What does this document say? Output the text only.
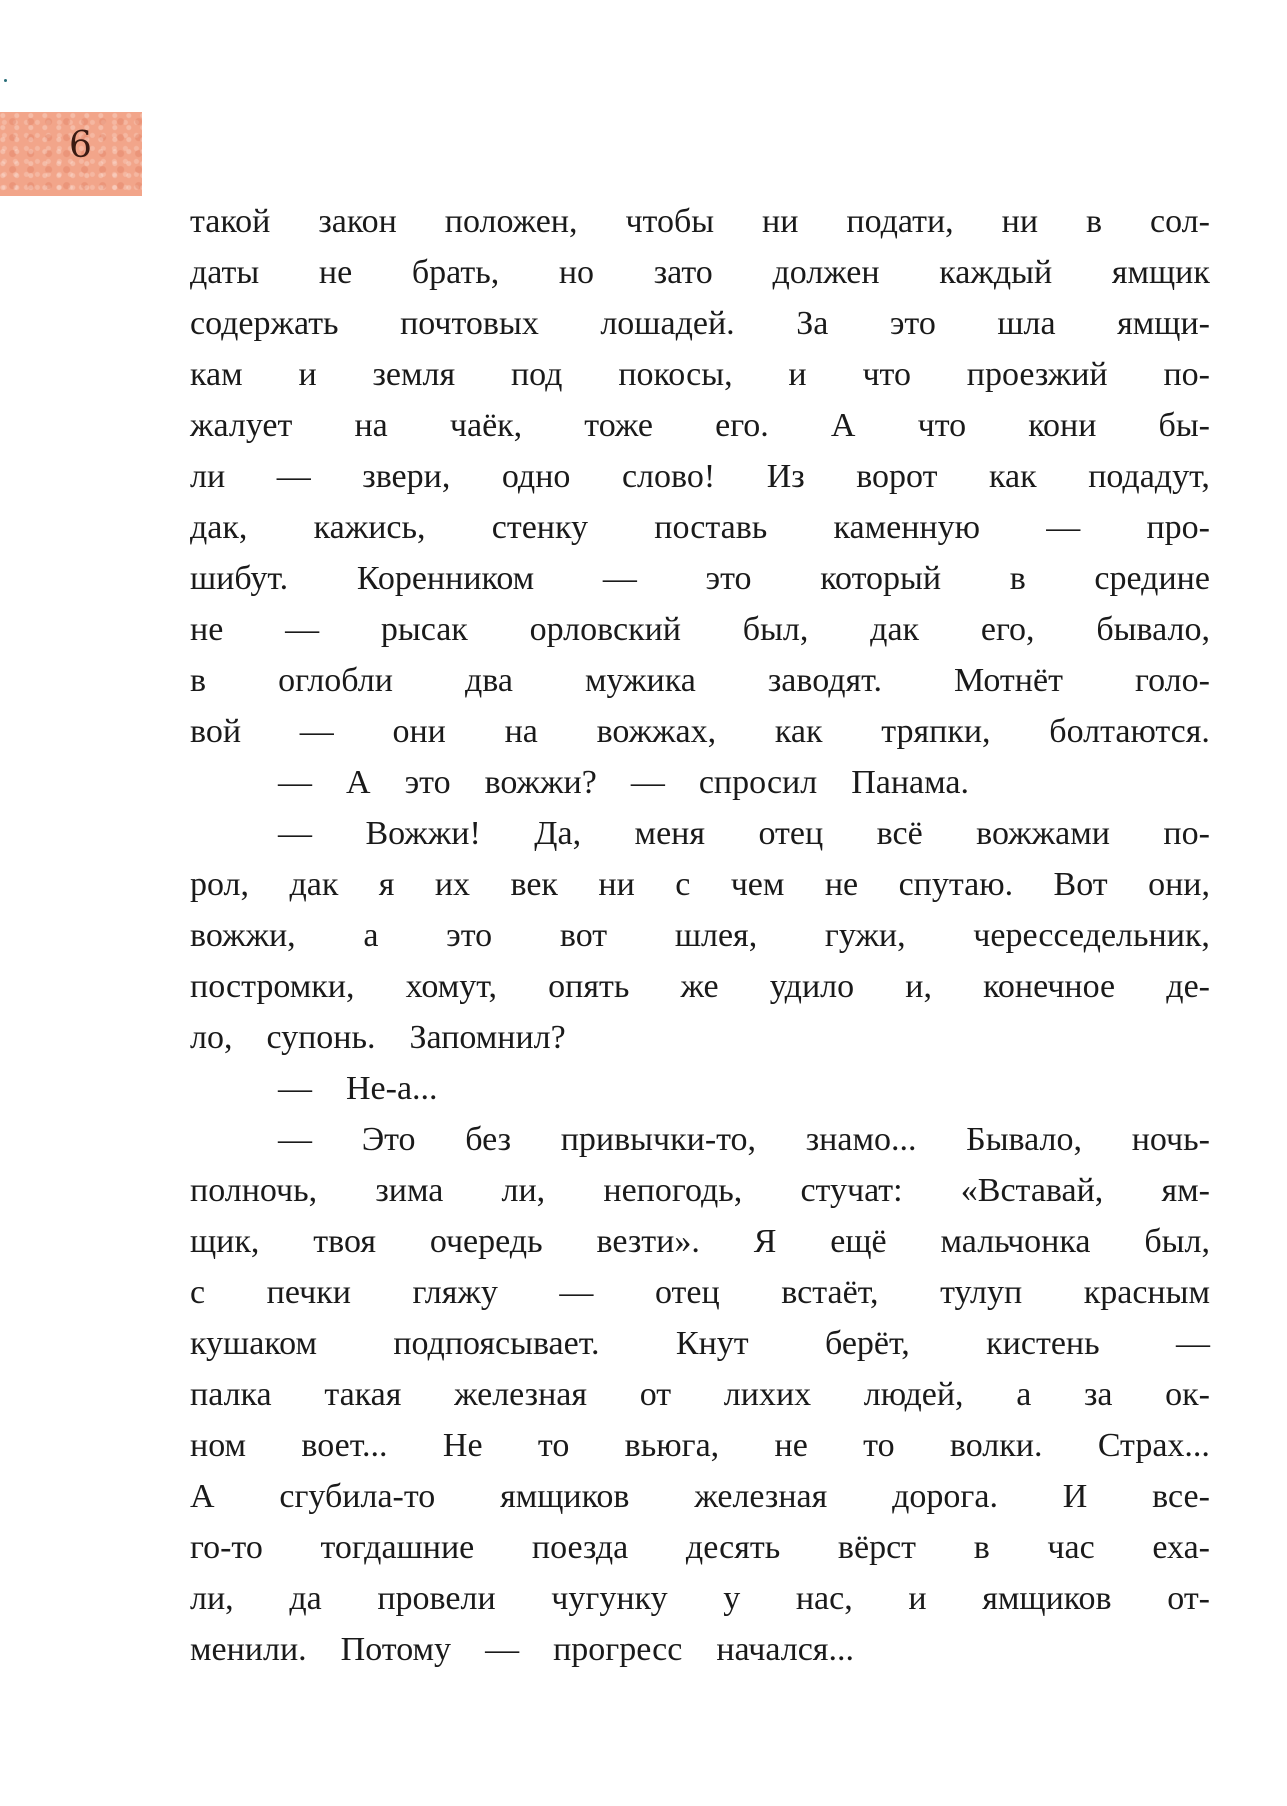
6
такой закон положен, чтобы ни подати, ни в сол-
даты не брать, но зато должен каждый ямщик
содержать почтовых лошадей. За это шла ямщи-
кам и земля под покосы, и что проезжий по-
жалует на чаёк, тоже его. А что кони бы-
ли — звери, одно слово! Из ворот как подадут,
дак, кажись, стенку поставь каменную — про-
шибут. Коренником — это который в средине
не — рысак орловский был, дак его, бывало,
в оглобли два мужика заводят. Мотнёт голо-
вой — они на вожжах, как тряпки, болтаются.
— А это вожжи? — спросил Панама.
— Вожжи! Да, меня отец всё вожжами по-
рол, дак я их век ни с чем не спутаю. Вот они,
вожжи, а это вот шлея, гужи, чересседельник,
постромки, хомут, опять же удило и, конечное де-
ло, супонь. Запомнил?
— Не-а...
— Это без привычки-то, знамо... Бывало, ночь-
полночь, зима ли, непогодь, стучат: «Вставай, ям-
щик, твоя очередь везти». Я ещё мальчонка был,
с печки гляжу — отец встаёт, тулуп красным
кушаком подпоясывает. Кнут берёт, кистень —
палка такая железная от лихих людей, а за ок-
ном воет... Не то вьюга, не то волки. Страх...
А сгубила-то ямщиков железная дорога. И все-
го-то тогдашние поезда десять вёрст в час еха-
ли, да провели чугунку у нас, и ямщиков от-
менили. Потому — прогресс начался...
